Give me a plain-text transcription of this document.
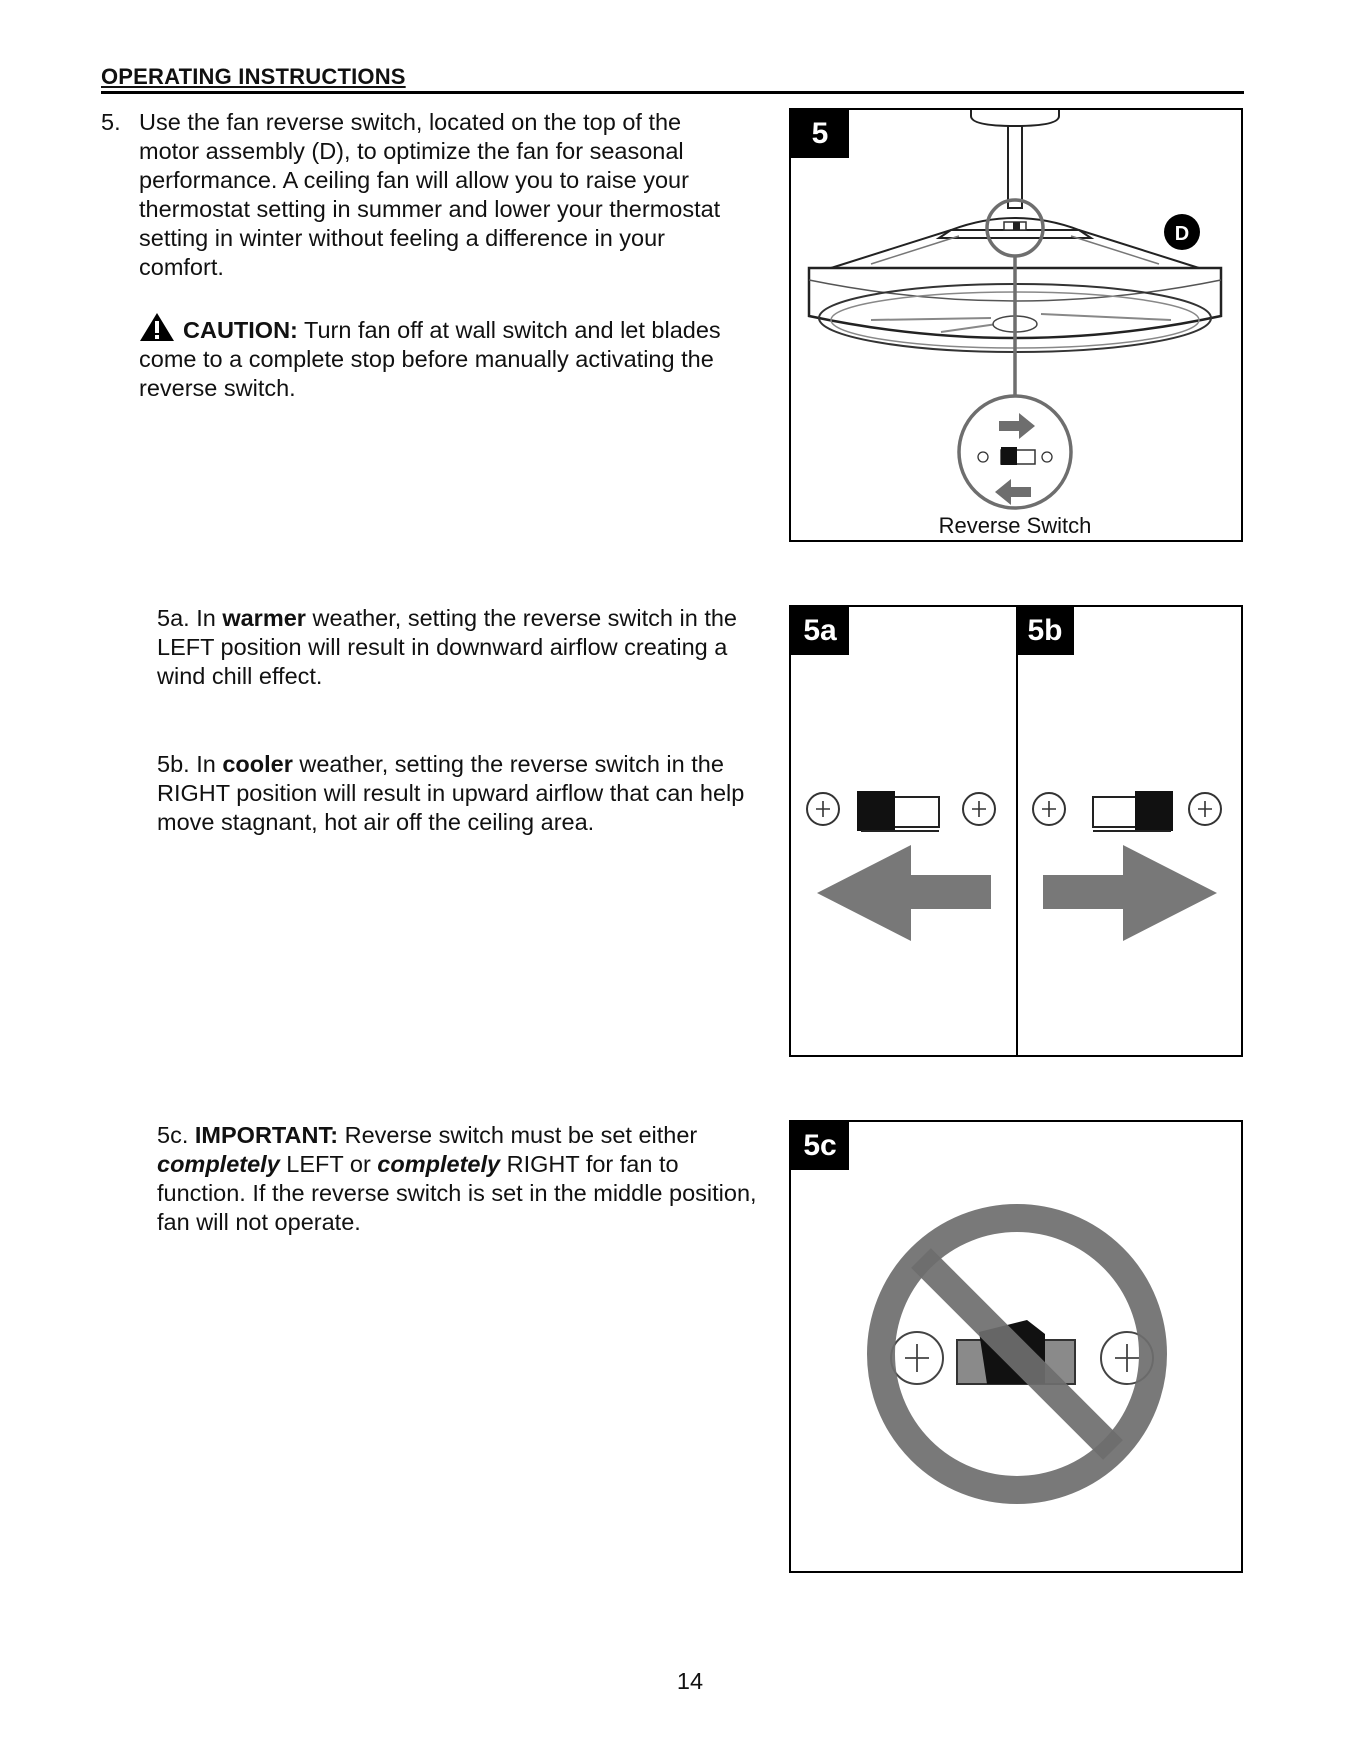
OPERATING INSTRUCTIONS
5. Use the fan reverse switch, located on the top of the motor assembly (D), to optimize the fan for seasonal performance. A ceiling fan will allow you to raise your thermostat setting in summer and lower your thermostat setting in winter without feeling a difference in your comfort.
CAUTION: Turn fan off at wall switch and let blades come to a complete stop before manually activating the reverse switch.
5a. In warmer weather, setting the reverse switch in the LEFT position will result in downward airflow creating a wind chill effect.
5b. In cooler weather, setting the reverse switch in the RIGHT position will result in upward airflow that can help move stagnant, hot air off the ceiling area.
5c. IMPORTANT: Reverse switch must be set either completely LEFT or completely RIGHT for fan to function. If the reverse switch is set in the middle position, fan will not operate.
5
D
Reverse Switch
5a	5b
5c
14
